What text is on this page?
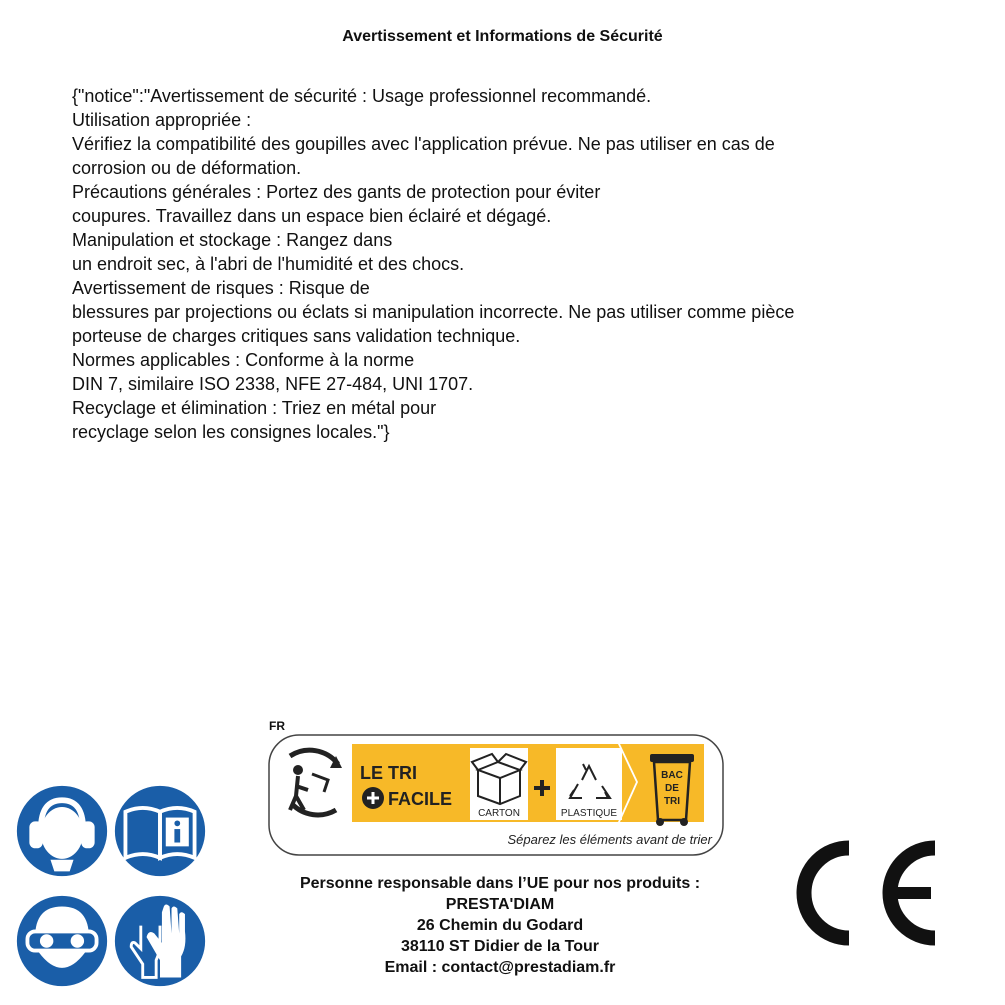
Avertissement et Informations de Sécurité
{"notice":"Avertissement de sécurité : Usage professionnel recommandé.
Utilisation appropriée :
Vérifiez la compatibilité des goupilles avec l'application prévue. Ne pas utiliser en cas de
corrosion ou de déformation.
Précautions générales : Portez des gants de protection pour éviter
coupures. Travaillez dans un espace bien éclairé et dégagé.
Manipulation et stockage : Rangez dans
un endroit sec, à l'abri de l'humidité et des chocs.
Avertissement de risques : Risque de
blessures par projections ou éclats si manipulation incorrecte. Ne pas utiliser comme pièce
porteuse de charges critiques sans validation technique.
Normes applicables : Conforme à la norme
DIN 7, similaire ISO 2338, NFE 27-484, UNI 1707.
Recyclage et élimination : Triez en métal pour
recyclage selon les consignes locales."}
FR
LE TRI
FACILE
CARTON	PLASTIQUE
BAC
DE
TRI
Séparez les éléments avant de trier
Personne responsable dans l’UE pour nos produits :
PRESTA'DIAM
26 Chemin du Godard
38110 ST Didier de la Tour
Email : contact@prestadiam.fr
